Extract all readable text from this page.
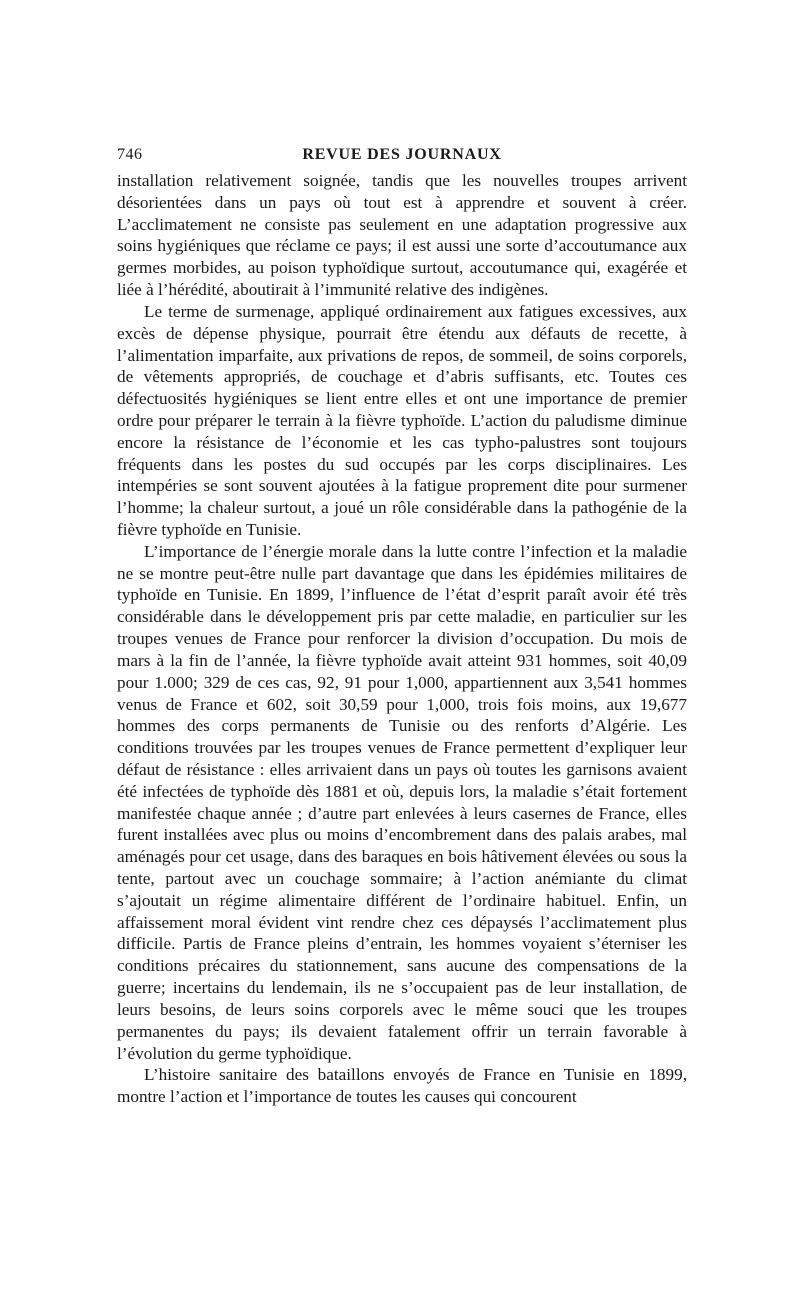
746	REVUE DES JOURNAUX

installation relativement soignée, tandis que les nouvelles troupes arrivent désorientées dans un pays où tout est à apprendre et souvent à créer. L’acclimatement ne consiste pas seulement en une adaptation progressive aux soins hygiéniques que réclame ce pays; il est aussi une sorte d’accoutumance aux germes morbides, au poison typhoïdique surtout, accoutumance qui, exagérée et liée à l’hérédité, aboutirait à l’immunité relative des indigènes.

Le terme de surmenage, appliqué ordinairement aux fatigues excessives, aux excès de dépense physique, pourrait être étendu aux défauts de recette, à l’alimentation imparfaite, aux privations de repos, de sommeil, de soins corporels, de vêtements appropriés, de couchage et d’abris suffisants, etc. Toutes ces défectuosités hygiéniques se lient entre elles et ont une importance de premier ordre pour préparer le terrain à la fièvre typhoïde. L’action du paludisme diminue encore la résistance de l’économie et les cas typho-palustres sont toujours fréquents dans les postes du sud occupés par les corps disciplinaires. Les intempéries se sont souvent ajoutées à la fatigue proprement dite pour surmener l’homme; la chaleur surtout, a joué un rôle considérable dans la pathogénie de la fièvre typhoïde en Tunisie.

L’importance de l’énergie morale dans la lutte contre l’infection et la maladie ne se montre peut-être nulle part davantage que dans les épidémies militaires de typhoïde en Tunisie. En 1899, l’influence de l’état d’esprit paraît avoir été très considérable dans le développement pris par cette maladie, en particulier sur les troupes venues de France pour renforcer la division d’occupation. Du mois de mars à la fin de l’année, la fièvre typhoïde avait atteint 931 hommes, soit 40,09 pour 1.000; 329 de ces cas, 92, 91 pour 1,000, appartiennent aux 3,541 hommes venus de France et 602, soit 30,59 pour 1,000, trois fois moins, aux 19,677 hommes des corps permanents de Tunisie ou des renforts d’Algérie. Les conditions trouvées par les troupes venues de France permettent d’expliquer leur défaut de résistance : elles arrivaient dans un pays où toutes les garnisons avaient été infectées de typhoïde dès 1881 et où, depuis lors, la maladie s’était fortement manifestée chaque année ; d’autre part enlevées à leurs casernes de France, elles furent installées avec plus ou moins d’encombrement dans des palais arabes, mal aménagés pour cet usage, dans des baraques en bois hâtivement élevées ou sous la tente, partout avec un couchage sommaire; à l’action anémiante du climat s’ajoutait un régime alimentaire différent de l’ordinaire habituel. Enfin, un affaissement moral évident vint rendre chez ces dépaysés l’acclimatement plus difficile. Partis de France pleins d’entrain, les hommes voyaient s’éterniser les conditions précaires du stationnement, sans aucune des compensations de la guerre; incertains du lendemain, ils ne s’occupaient pas de leur installation, de leurs besoins, de leurs soins corporels avec le même souci que les troupes permanentes du pays; ils devaient fatalement offrir un terrain favorable à l’évolution du germe typhoïdique.

L’histoire sanitaire des bataillons envoyés de France en Tunisie en 1899, montre l’action et l’importance de toutes les causes qui concourent
